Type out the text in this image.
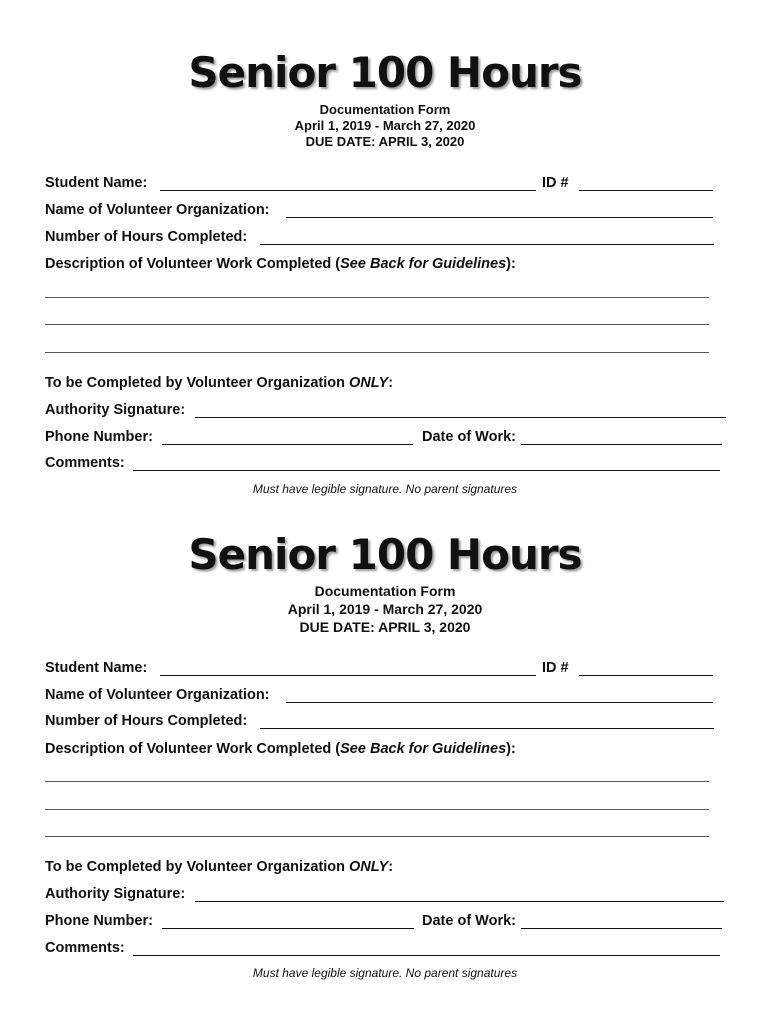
Senior 100 Hours
Documentation Form
April 1, 2019 - March 27, 2020
DUE DATE: APRIL 3, 2020
Student Name:	ID #
Name of Volunteer Organization:
Number of Hours Completed:
Description of Volunteer Work Completed (See Back for Guidelines):
To be Completed by Volunteer Organization ONLY:
Authority Signature:
Phone Number:	Date of Work:
Comments:
Must have legible signature. No parent signatures
Senior 100 Hours
Documentation Form
April 1, 2019 - March 27, 2020
DUE DATE: APRIL 3, 2020
Student Name:	ID #
Name of Volunteer Organization:
Number of Hours Completed:
Description of Volunteer Work Completed (See Back for Guidelines):
To be Completed by Volunteer Organization ONLY:
Authority Signature:
Phone Number:	Date of Work:
Comments:
Must have legible signature. No parent signatures
